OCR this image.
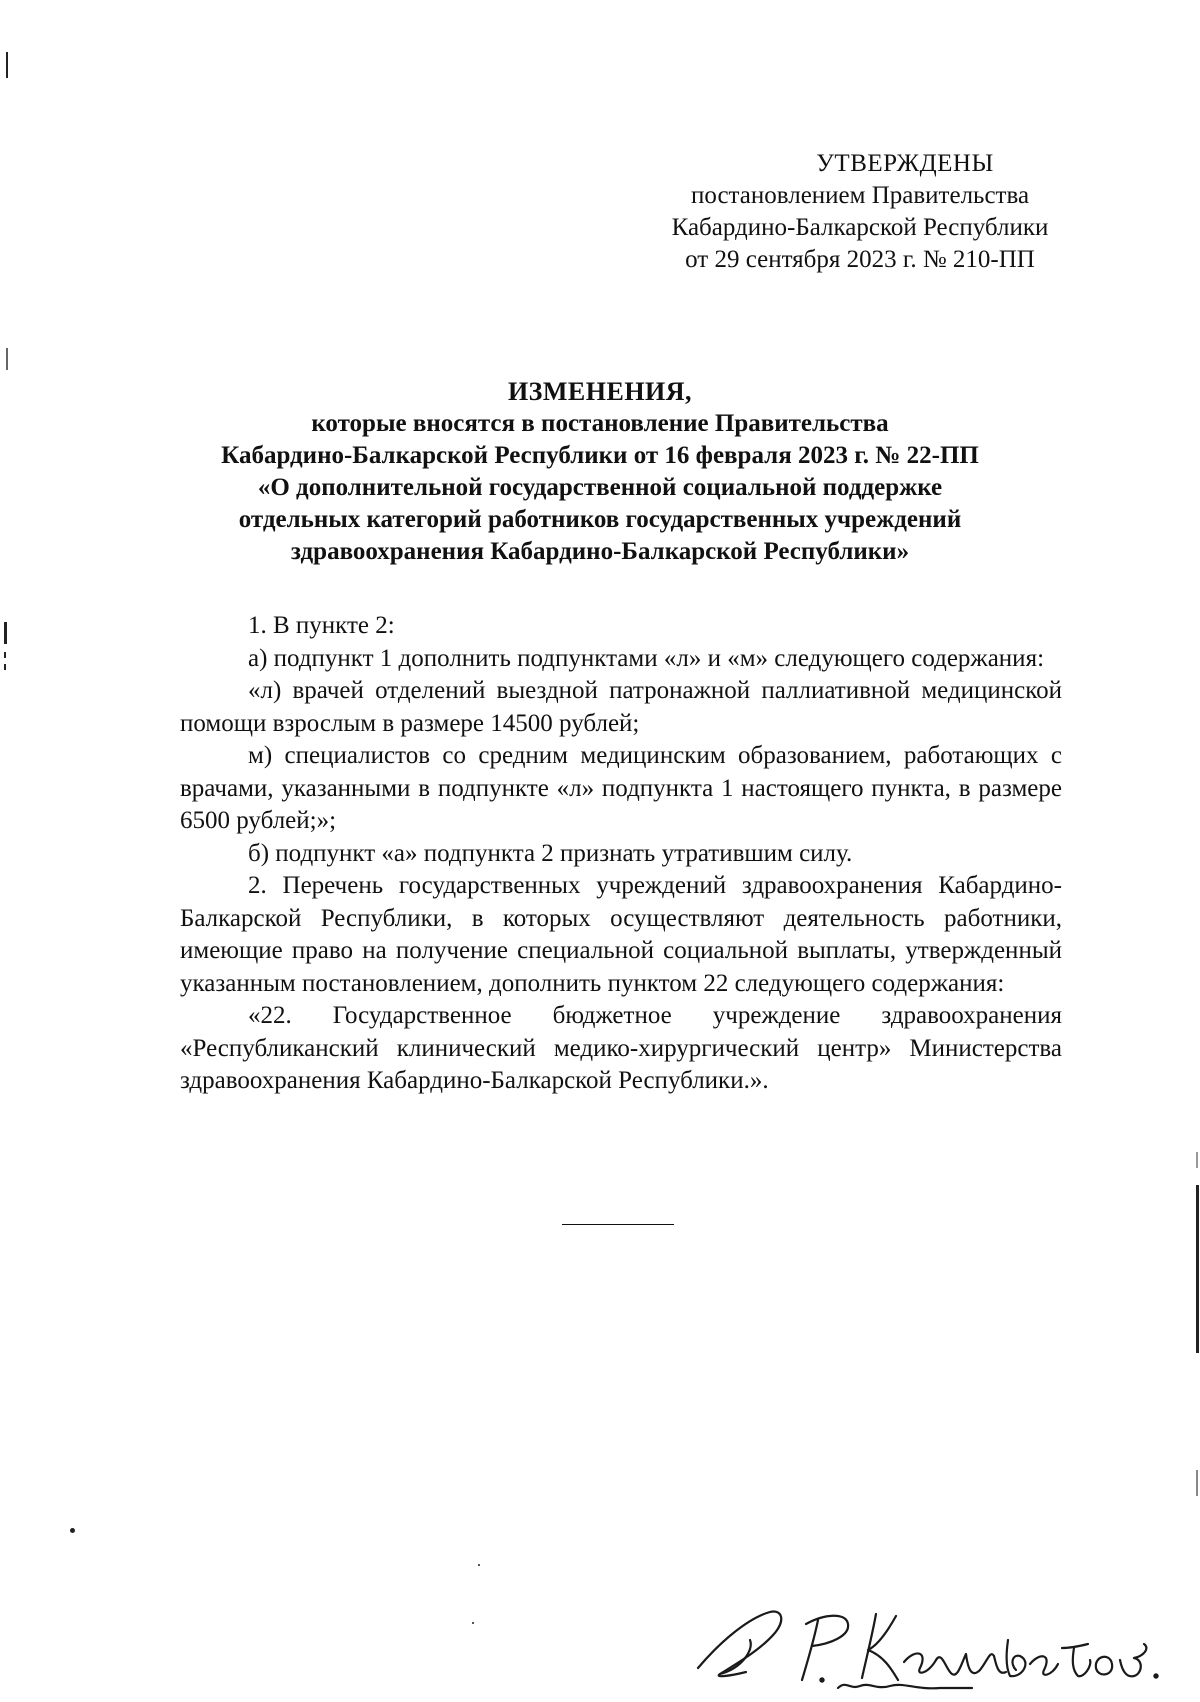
УТВЕРЖДЕНЫ
постановлением Правительства
Кабардино-Балкарской Республики
от 29 сентября 2023 г. № 210-ПП
ИЗМЕНЕНИЯ,
которые вносятся в постановление Правительства
Кабардино-Балкарской Республики от 16 февраля 2023 г. № 22-ПП
«О дополнительной государственной социальной поддержке
отдельных категорий работников государственных учреждений
здравоохранения Кабардино-Балкарской Республики»

1. В пункте 2:

а) подпункт 1 дополнить подпунктами «л» и «м» следующего содержания:

«л) врачей отделений выездной патронажной паллиативной медицинской помощи взрослым в размере 14500 рублей;

м) специалистов со средним медицинским образованием, работающих с врачами, указанными в подпункте «л» подпункта 1 настоящего пункта, в размере 6500 рублей;»;

б) подпункт «а» подпункта 2 признать утратившим силу.

2. Перечень государственных учреждений здравоохранения Кабардино-Балкарской Республики, в которых осуществляют деятельность работники, имеющие право на получение специальной социальной выплаты, утвержденный указанным постановлением, дополнить пунктом 22 следующего содержания:

«22. Государственное бюджетное учреждение здравоохранения «Республиканский клинический медико-хирургический центр» Министерства здравоохранения Кабардино-Балкарской Республики.».
